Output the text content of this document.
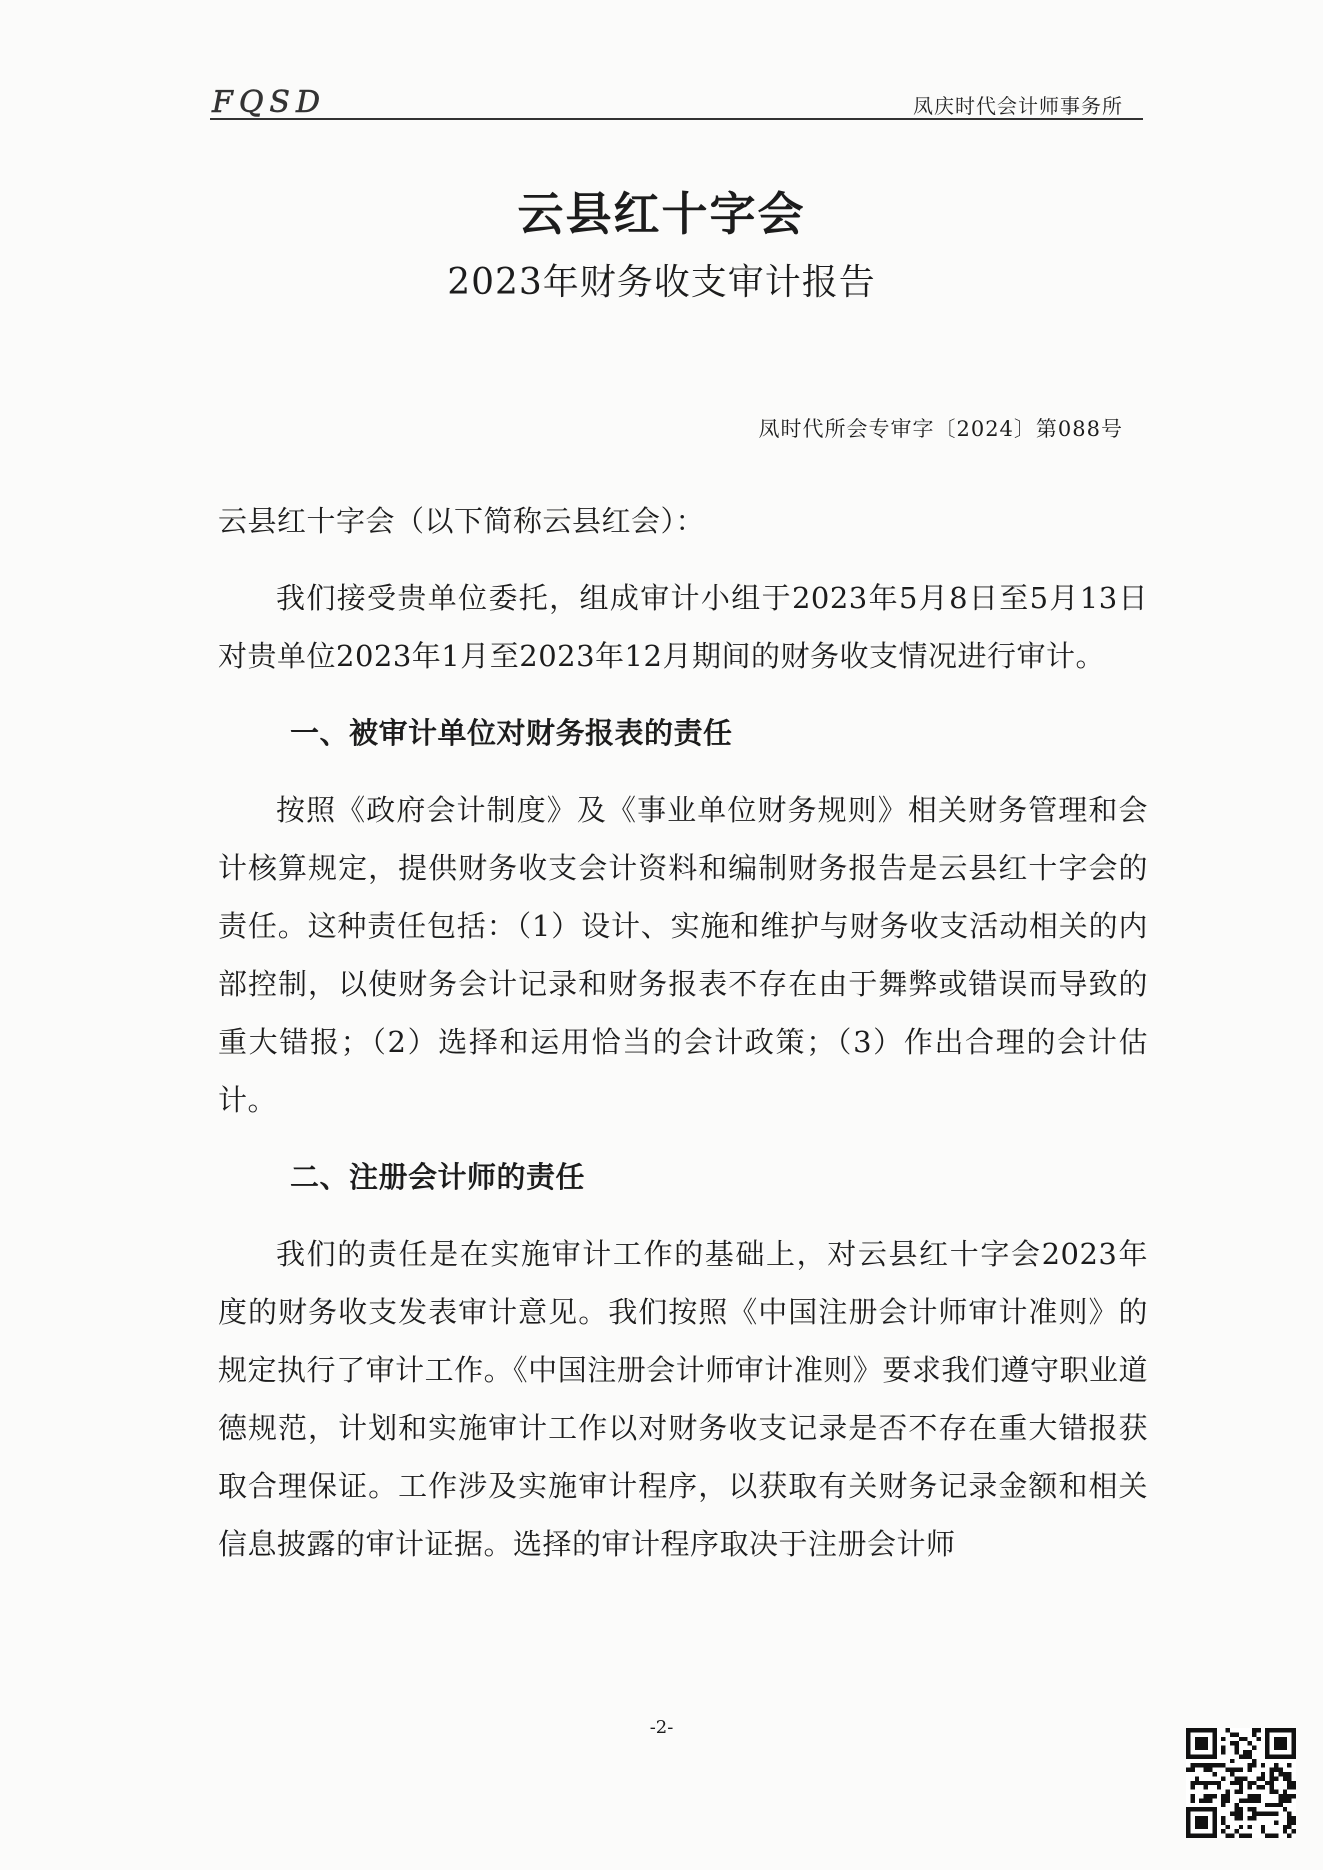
FQSD	凤庆时代会计师事务所
云县红十字会
2023年财务收支审计报告
凤时代所会专审字〔2024〕第088号

云县红十字会（以下简称云县红会）：

我们接受贵单位委托，组成审计小组于2023年5月8日至5月13日对贵单位2023年1月至2023年12月期间的财务收支情况进行审计。

一、被审计单位对财务报表的责任

按照《政府会计制度》及《事业单位财务规则》相关财务管理和会计核算规定，提供财务收支会计资料和编制财务报告是云县红十字会的责任。这种责任包括：（1）设计、实施和维护与财务收支活动相关的内部控制，以使财务会计记录和财务报表不存在由于舞弊或错误而导致的重大错报；（2）选择和运用恰当的会计政策；（3）作出合理的会计估计。

二、注册会计师的责任

我们的责任是在实施审计工作的基础上，对云县红十字会2023年度的财务收支发表审计意见。我们按照《中国注册会计师审计准则》的规定执行了审计工作。《中国注册会计师审计准则》要求我们遵守职业道德规范，计划和实施审计工作以对财务收支记录是否不存在重大错报获取合理保证。工作涉及实施审计程序，以获取有关财务记录金额和相关信息披露的审计证据。选择的审计程序取决于注册会计师

-2-
